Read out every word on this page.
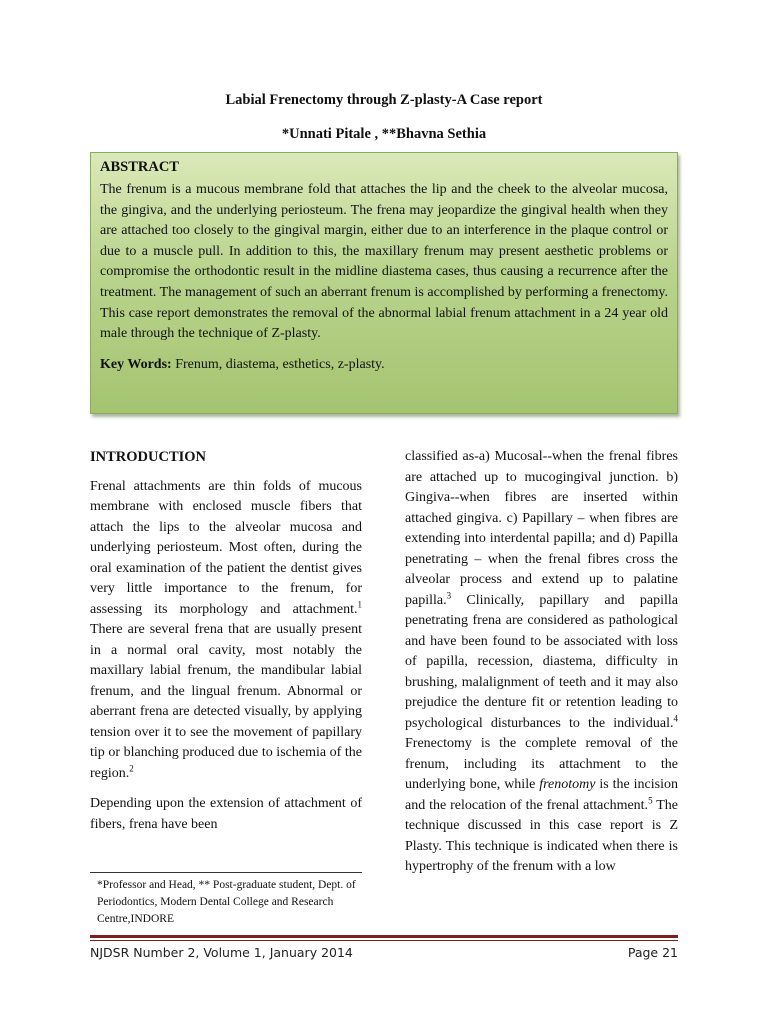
Labial Frenectomy through Z-plasty-A Case report
*Unnati Pitale , **Bhavna Sethia
ABSTRACT

The frenum is a mucous membrane fold that attaches the lip and the cheek to the alveolar mucosa, the gingiva, and the underlying periosteum. The frena may jeopardize the gingival health when they are attached too closely to the gingival margin, either due to an interference in the plaque control or due to a muscle pull. In addition to this, the maxillary frenum may present aesthetic problems or compromise the orthodontic result in the midline diastema cases, thus causing a recurrence after the treatment. The management of such an aberrant frenum is accomplished by performing a frenectomy. This case report demonstrates the removal of the abnormal labial frenum attachment in a 24 year old male through the technique of Z-plasty.

Key Words: Frenum, diastema, esthetics, z-plasty.

INTRODUCTION

Frenal attachments are thin folds of mucous membrane with enclosed muscle fibers that attach the lips to the alveolar mucosa and underlying periosteum. Most often, during the oral examination of the patient the dentist gives very little importance to the frenum, for assessing its morphology and attachment.$^1$ There are several frena that are usually present in a normal oral cavity, most notably the maxillary labial frenum, the mandibular labial frenum, and the lingual frenum. Abnormal or aberrant frena are detected visually, by applying tension over it to see the movement of papillary tip or blanching produced due to ischemia of the region.$^2$

Depending upon the extension of attachment of fibers, frena have been

*Professor and Head, ** Post-graduate student, Dept. of Periodontics, Modern Dental College and Research Centre,INDORE

classified as-a) Mucosal--when the frenal fibres are attached up to mucogingival junction. b) Gingiva--when fibres are inserted within attached gingiva. c) Papillary – when fibres are extending into interdental papilla; and d) Papilla penetrating – when the frenal fibres cross the alveolar process and extend up to palatine papilla.$^3$ Clinically, papillary and papilla penetrating frena are considered as pathological and have been found to be associated with loss of papilla, recession, diastema, difficulty in brushing, malalignment of teeth and it may also prejudice the denture fit or retention leading to psychological disturbances to the individual.$^4$ Frenectomy is the complete removal of the frenum, including its attachment to the underlying bone, while frenotomy is the incision and the relocation of the frenal attachment.$^5$ The technique discussed in this case report is Z Plasty. This technique is indicated when there is hypertrophy of the frenum with a low

NJDSR Number 2, Volume 1, January 2014	Page 21
